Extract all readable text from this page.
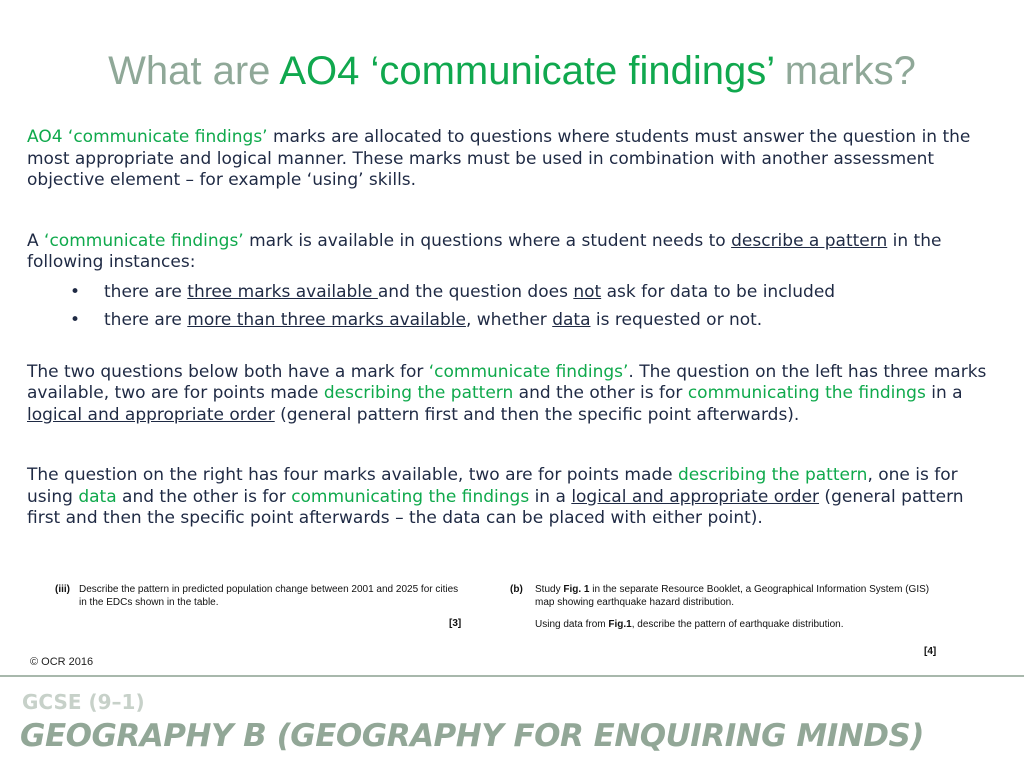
What are AO4 ‘communicate findings’ marks?

AO4 ‘communicate findings’ marks are allocated to questions where students must answer the question in the most appropriate and logical manner. These marks must be used in combination with another assessment objective element – for example ‘using’ skills.

A ‘communicate findings’ mark is available in questions where a student needs to describe a pattern in the following instances:

• there are three marks available and the question does not ask for data to be included
• there are more than three marks available, whether data is requested or not.

The two questions below both have a mark for ‘communicate findings’. The question on the left has three marks available, two are for points made describing the pattern and the other is for communicating the findings in a logical and appropriate order (general pattern first and then the specific point afterwards).

The question on the right has four marks available, two are for points made describing the pattern, one is for using data and the other is for communicating the findings in a logical and appropriate order (general pattern first and then the specific point afterwards – the data can be placed with either point).

(iii) Describe the pattern in predicted population change between 2001 and 2025 for cities
in the EDCs shown in the table.
[3]
(b) Study Fig. 1 in the separate Resource Booklet, a Geographical Information System (GIS)
map showing earthquake hazard distribution.
Using data from Fig.1, describe the pattern of earthquake distribution.
[4]
© OCR 2016
GCSE (9–1)
GEOGRAPHY B (GEOGRAPHY FOR ENQUIRING MINDS)
